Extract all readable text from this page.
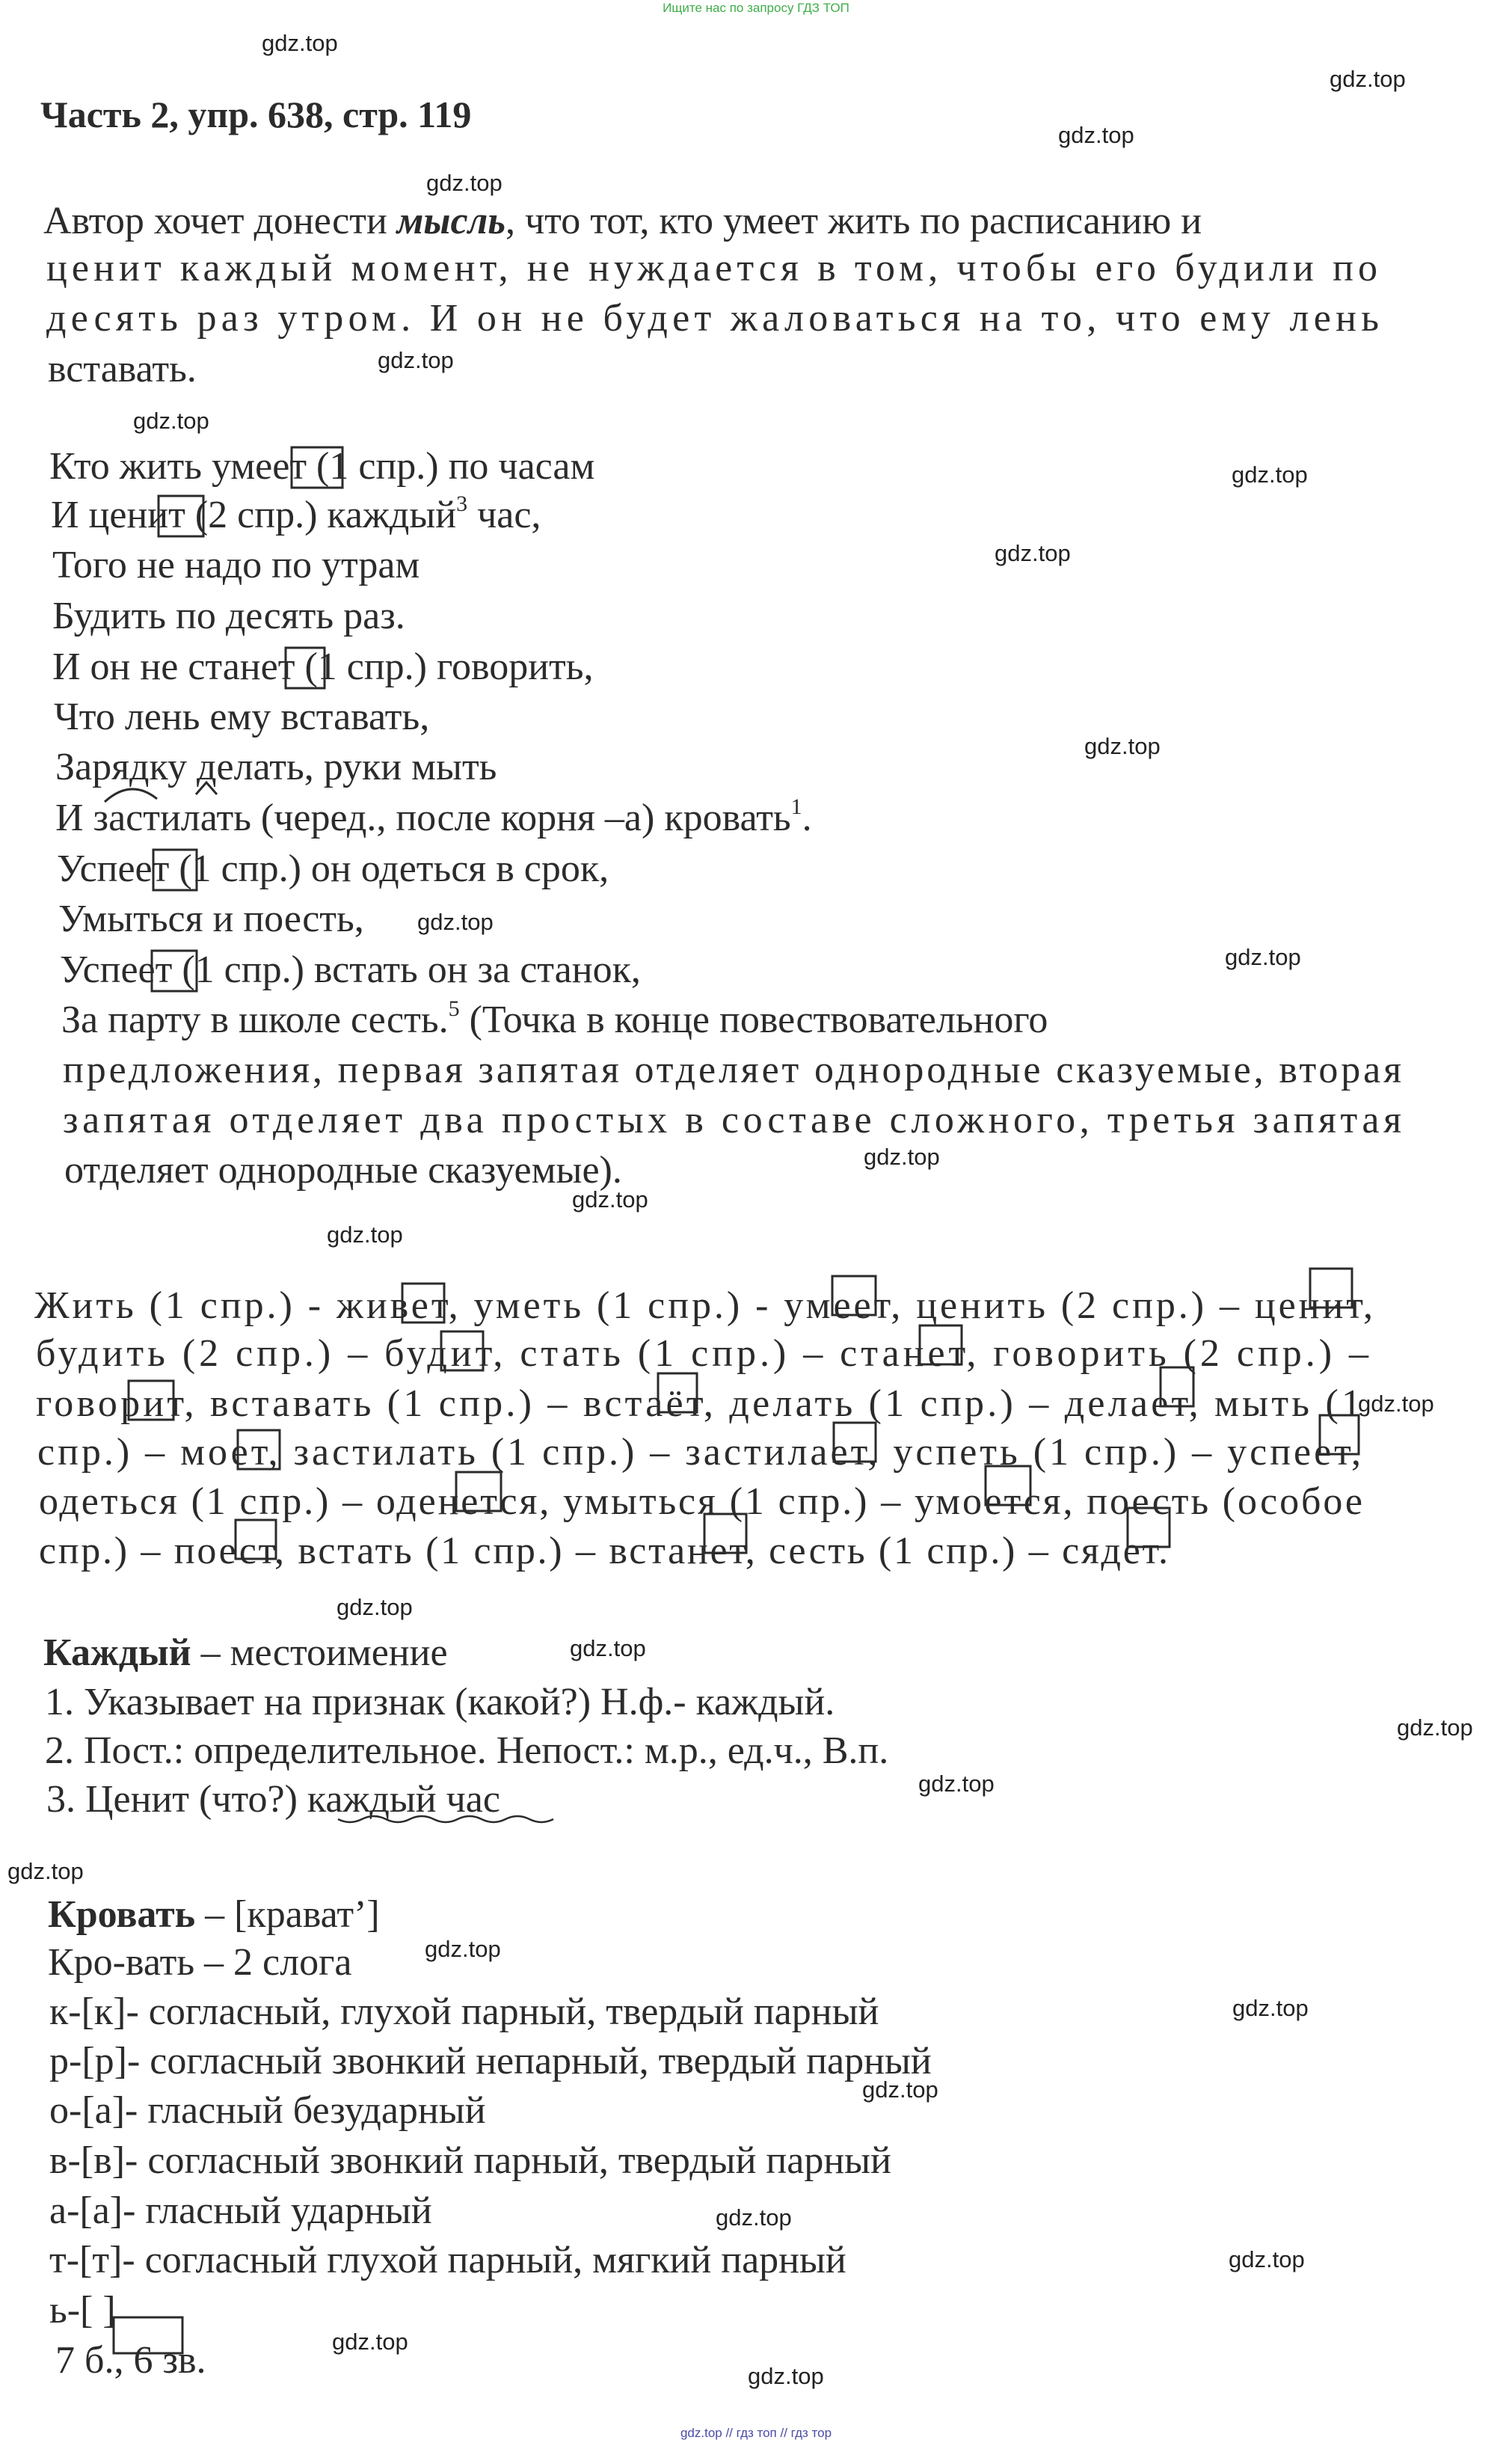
Ищите нас по запросу ГДЗ ТОП
gdz.top // гдз топ // гдз тор
gdz.top
gdz.top
gdz.top
gdz.top
gdz.top
gdz.top
gdz.top
gdz.top
gdz.top
gdz.top
gdz.top
gdz.top
gdz.top
gdz.top
gdz.top
gdz.top
gdz.top
gdz.top
gdz.top
gdz.top
gdz.top
gdz.top
gdz.top
gdz.top
gdz.top
gdz.top
gdz.top
Часть 2, упр. 638, стр. 119
Автор хочет донести мысль, что тот, кто умеет жить по расписанию и
ценит каждый момент, не нуждается в том, чтобы его будили по
десять раз утром. И он не будет жаловаться на то, что ему лень
вставать.
Кто жить умеет (1 спр.) по часам
И ценит (2 спр.) каждый$^3$ час,
Того не надо по утрам
Будить по десять раз.
И он не станет (1 спр.) говорить,
Что лень ему вставать,
Зарядку делать, руки мыть
И застилать (черед., после корня –а) кровать$^1$.
Успеет (1 спр.) он одеться в срок,
Умыться и поесть,
Успеет (1 спр.) встать он за станок,
За парту в школе сесть.$^5$ (Точка в конце повествовательного
предложения, первая запятая отделяет однородные сказуемые, вторая
запятая отделяет два простых в составе сложного, третья запятая
отделяет однородные сказуемые).
Жить (1 спр.) - живет, уметь (1 спр.) - умеет, ценить (2 спр.) – ценит,
будить (2 спр.) – будит, стать (1 спр.) – станет, говорить (2 спр.) –
говорит, вставать (1 спр.) – встаёт, делать (1 спр.) – делает, мыть (1
спр.) – моет, застилать (1 спр.) – застилает, успеть (1 спр.) – успеет,
одеться (1 спр.) – оденется, умыться (1 спр.) – умоется, поесть (особое
спр.) – поест, встать (1 спр.) – встанет, сесть (1 спр.) – сядет.
Каждый – местоимение
1. Указывает на признак (какой?) Н.ф.- каждый.
2. Пост.: определительное. Непост.: м.р., ед.ч., В.п.
3. Ценит (что?) каждый час
Кровать – [крават’]
Кро-вать – 2 слога
к-[к]- согласный, глухой парный, твердый парный
р-[р]- согласный звонкий непарный, твердый парный
о-[а]- гласный безударный
в-[в]- согласный звонкий парный, твердый парный
а-[а]- гласный ударный
т-[т]- согласный глухой парный, мягкий парный
ь-[ ]
7 б., 6 зв.
